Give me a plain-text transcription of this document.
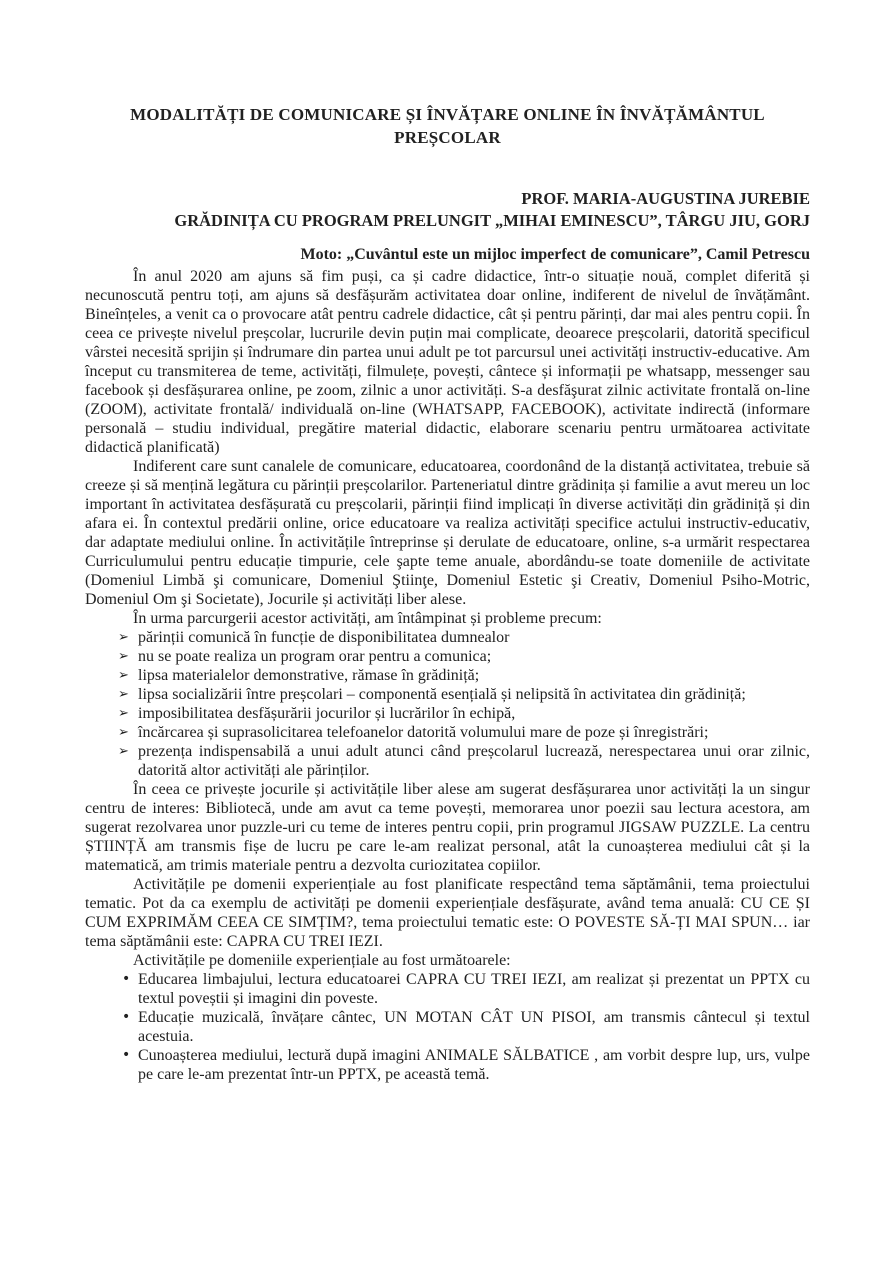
MODALITĂȚI DE COMUNICARE ȘI ÎNVĂȚARE ONLINE ÎN ÎNVĂȚĂMÂNTUL
PREȘCOLAR
PROF. MARIA-AUGUSTINA JUREBIE
GRĂDINIȚA CU PROGRAM PRELUNGIT „MIHAI EMINESCU”, TÂRGU JIU, GORJ
Moto: „Cuvântul este un mijloc imperfect de comunicare”, Camil Petrescu

În anul 2020 am ajuns să fim puși, ca și cadre didactice, într-o situație nouă, complet diferită și necunoscută pentru toți, am ajuns să desfășurăm activitatea doar online, indiferent de nivelul de învățământ. Bineînțeles, a venit ca o provocare atât pentru cadrele didactice, cât și pentru părinți, dar mai ales pentru copii. În ceea ce privește nivelul preșcolar, lucrurile devin puțin mai complicate, deoarece preșcolarii, datorită specificul vârstei necesită sprijin și îndrumare din partea unui adult pe tot parcursul unei activități instructiv-educative. Am început cu transmiterea de teme, activități, filmulețe, povești, cântece și informații pe whatsapp, messenger sau facebook și desfășurarea online, pe zoom, zilnic a unor activități. S-a desfăşurat zilnic activitate frontală on-line (ZOOM), activitate frontală/ individuală on-line (WHATSAPP, FACEBOOK), activitate indirectă (informare personală – studiu individual, pregătire material didactic, elaborare scenariu pentru următoarea activitate didactică planificată)

Indiferent care sunt canalele de comunicare, educatoarea, coordonând de la distanță activitatea, trebuie să creeze și să mențină legătura cu părinții preșcolarilor. Parteneriatul dintre grădinița și familie a avut mereu un loc important în activitatea desfășurată cu preșcolarii, părinții fiind implicați în diverse activități din grădiniță și din afara ei. În contextul predării online, orice educatoare va realiza activități specifice actului instructiv-educativ, dar adaptate mediului online. În activitățile întreprinse și derulate de educatoare, online, s-a urmărit respectarea Curriculumului pentru educație timpurie, cele şapte teme anuale, abordându-se toate domeniile de activitate (Domeniul Limbă şi comunicare, Domeniul Ştiinţe, Domeniul Estetic şi Creativ, Domeniul Psiho-Motric, Domeniul Om şi Societate), Jocurile și activități liber alese.

În urma parcurgerii acestor activități, am întâmpinat și probleme precum:

➢ părinții comunică în funcție de disponibilitatea dumnealor
➢ nu se poate realiza un program orar pentru a comunica;
➢ lipsa materialelor demonstrative, rămase în grădiniță;
➢ lipsa socializării între preșcolari – componentă esențială și nelipsită în activitatea din grădiniță;
➢ imposibilitatea desfășurării jocurilor și lucrărilor în echipă,
➢ încărcarea și suprasolicitarea telefoanelor datorită volumului mare de poze și înregistrări;
➢ prezența indispensabilă a unui adult atunci când preșcolarul lucrează, nerespectarea unui orar zilnic, datorită altor activități ale părinților.

În ceea ce privește jocurile și activitățile liber alese am sugerat desfășurarea unor activități la un singur centru de interes: Bibliotecă, unde am avut ca teme povești, memorarea unor poezii sau lectura acestora, am sugerat rezolvarea unor puzzle-uri cu teme de interes pentru copii, prin programul JIGSAW PUZZLE. La centru ȘTIINȚĂ am transmis fișe de lucru pe care le-am realizat personal, atât la cunoașterea mediului cât și la matematică, am trimis materiale pentru a dezvolta curiozitatea copiilor.

Activitățile pe domenii experiențiale au fost planificate respectând tema săptămânii, tema proiectului tematic. Pot da ca exemplu de activități pe domenii experiențiale desfășurate, având tema anuală: CU CE ȘI CUM EXPRIMĂM CEEA CE SIMȚIM?, tema proiectului tematic este: O POVESTE SĂ-ȚI MAI SPUN… iar tema săptămânii este: CAPRA CU TREI IEZI.

Activitățile pe domeniile experiențiale au fost următoarele:

• Educarea limbajului, lectura educatoarei CAPRA CU TREI IEZI, am realizat și prezentat un PPTX cu textul poveștii și imagini din poveste.
• Educație muzicală, învățare cântec, UN MOTAN CÂT UN PISOI, am transmis cântecul și textul acestuia.
• Cunoașterea mediului, lectură după imagini ANIMALE SĂLBATICE , am vorbit despre lup, urs, vulpe pe care le-am prezentat într-un PPTX, pe această temă.
